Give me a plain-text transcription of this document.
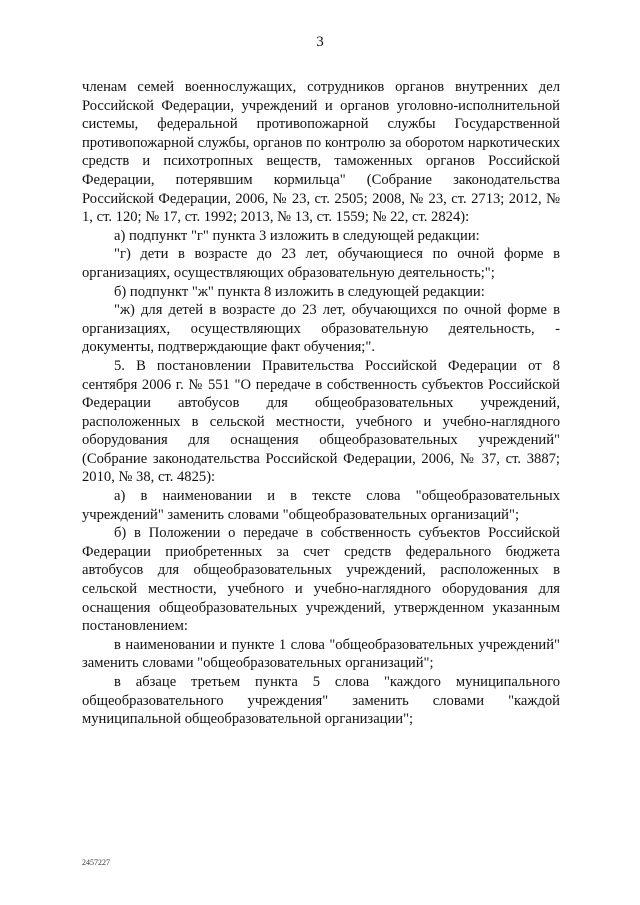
3

членам семей военнослужащих, сотрудников органов внутренних дел Российской Федерации, учреждений и органов уголовно-исполнительной системы, федеральной противопожарной службы Государственной противопожарной службы, органов по контролю за оборотом наркотических средств и психотропных веществ, таможенных органов Российской Федерации, потерявшим кормильца" (Собрание законодательства Российской Федерации, 2006, № 23, ст. 2505; 2008, № 23, ст. 2713; 2012, № 1, ст. 120; № 17, ст. 1992; 2013, № 13, ст. 1559; № 22, ст. 2824):

а) подпункт "г" пункта 3 изложить в следующей редакции:

"г) дети в возрасте до 23 лет, обучающиеся по очной форме в организациях, осуществляющих образовательную деятельность;";

б) подпункт "ж" пункта 8 изложить в следующей редакции:

"ж) для детей в возрасте до 23 лет, обучающихся по очной форме в организациях, осуществляющих образовательную деятельность, - документы, подтверждающие факт обучения;".

5. В постановлении Правительства Российской Федерации от 8 сентября 2006 г. № 551 "О передаче в собственность субъектов Российской Федерации автобусов для общеобразовательных учреждений, расположенных в сельской местности, учебного и учебно-наглядного оборудования для оснащения общеобразовательных учреждений" (Собрание законодательства Российской Федерации, 2006, № 37, ст. 3887; 2010, № 38, ст. 4825):

а) в наименовании и в тексте слова "общеобразовательных учреждений" заменить словами "общеобразовательных организаций";

б) в Положении о передаче в собственность субъектов Российской Федерации приобретенных за счет средств федерального бюджета автобусов для общеобразовательных учреждений, расположенных в сельской местности, учебного и учебно-наглядного оборудования для оснащения общеобразовательных учреждений, утвержденном указанным постановлением:

в наименовании и пункте 1 слова "общеобразовательных учреждений" заменить словами "общеобразовательных организаций";

в абзаце третьем пункта 5 слова "каждого муниципального общеобразовательного учреждения" заменить словами "каждой муниципальной общеобразовательной организации";

2457227
